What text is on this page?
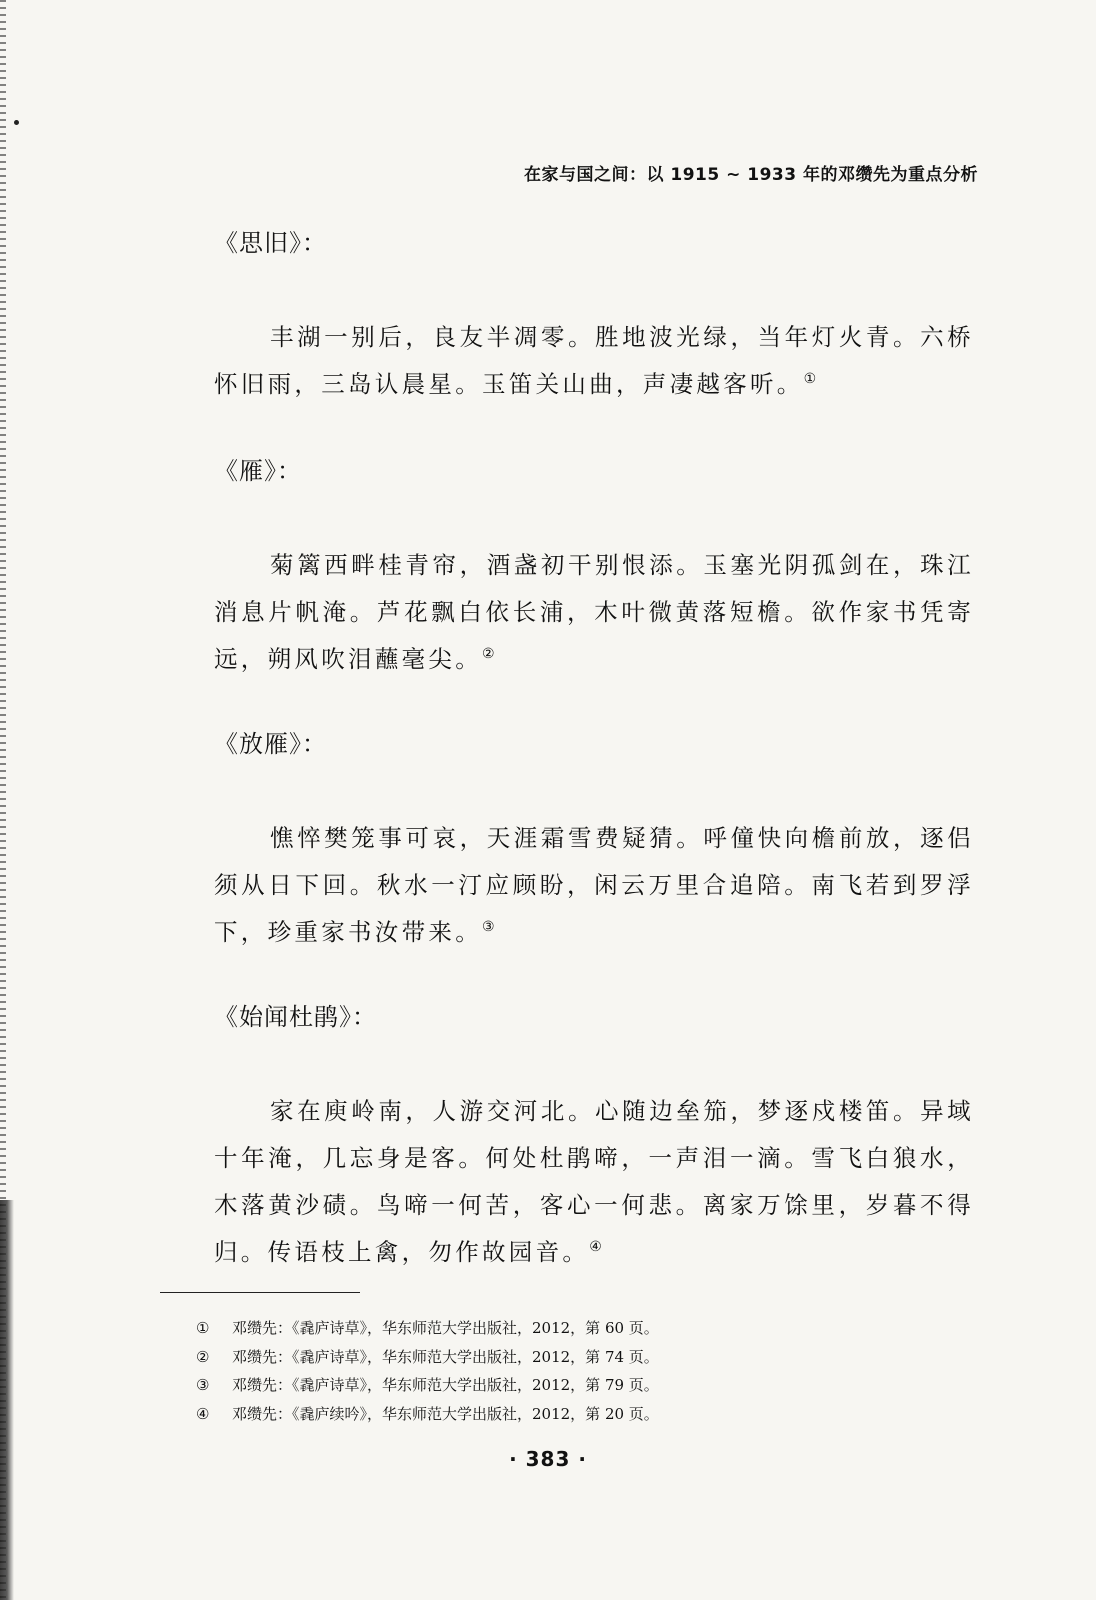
在家与国之间：以 1915 ~ 1933 年的邓缵先为重点分析

《思旧》：

丰湖一别后，良友半凋零。胜地波光绿，当年灯火青。六桥怀旧雨，三岛认晨星。玉笛关山曲，声凄越客听。①

《雁》：

菊篱西畔桂青帘，酒盏初干别恨添。玉塞光阴孤剑在，珠江消息片帆淹。芦花飘白依长浦，木叶微黄落短檐。欲作家书凭寄远，朔风吹泪蘸毫尖。②

《放雁》：

憔悴樊笼事可哀，天涯霜雪费疑猜。呼僮快向檐前放，逐侣须从日下回。秋水一汀应顾盼，闲云万里合追陪。南飞若到罗浮下，珍重家书汝带来。③

《始闻杜鹃》：

家在庾岭南，人游交河北。心随边垒笳，梦逐戍楼笛。异域十年淹，几忘身是客。何处杜鹃啼，一声泪一滴。雪飞白狼水，木落黄沙碛。鸟啼一何苦，客心一何悲。离家万馀里，岁暮不得归。传语枝上禽，勿作故园音。④

①	邓缵先：《毳庐诗草》，华东师范大学出版社，2012，第 60 页。
②	邓缵先：《毳庐诗草》，华东师范大学出版社，2012，第 74 页。
③	邓缵先：《毳庐诗草》，华东师范大学出版社，2012，第 79 页。
④	邓缵先：《毳庐续吟》，华东师范大学出版社，2012，第 20 页。
· 383 ·
